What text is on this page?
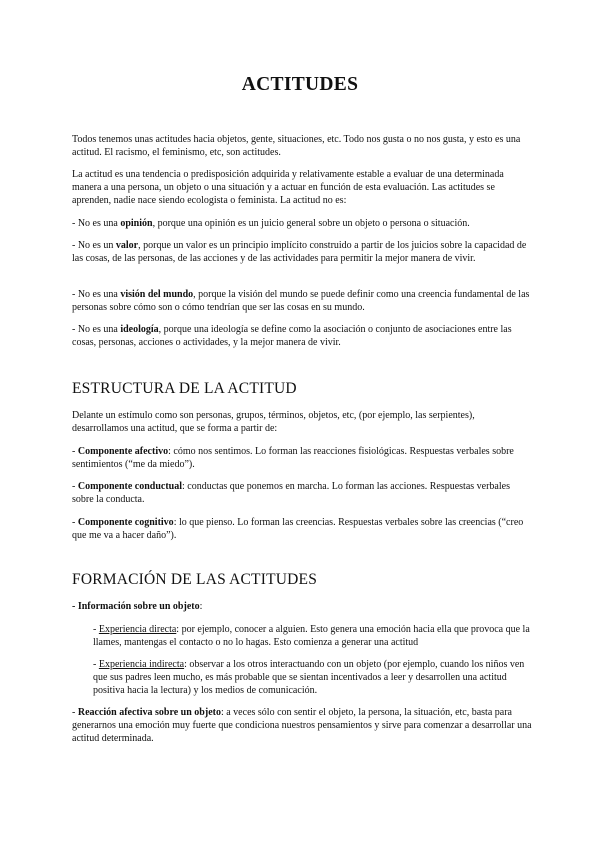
ACTITUDES

Todos tenemos unas actitudes hacia objetos, gente, situaciones, etc. Todo nos gusta o no nos gusta, y esto es una actitud. El racismo, el feminismo, etc, son actitudes.

La actitud es una tendencia o predisposición adquirida y relativamente estable a evaluar de una determinada manera a una persona, un objeto o una situación y a actuar en función de esta evaluación. Las actitudes se aprenden, nadie nace siendo ecologista o feminista. La actitud no es:

- No es una opinión, porque una opinión es un juicio general sobre un objeto o persona o situación.

- No es un valor, porque un valor es un principio implícito construido a partir de los juicios sobre la capacidad de las cosas, de las personas, de las acciones y de las actividades para permitir la mejor manera de vivir.

- No es una visión del mundo, porque la visión del mundo se puede definir como una creencia fundamental de las personas sobre cómo son o cómo tendrían que ser las cosas en su mundo.

- No es una ideología, porque una ideología se define como la asociación o conjunto de asociaciones entre las cosas, personas, acciones o actividades, y la mejor manera de vivir.

ESTRUCTURA DE LA ACTITUD

Delante un estímulo como son personas, grupos, términos, objetos, etc, (por ejemplo, las serpientes), desarrollamos una actitud, que se forma a partir de:

- Componente afectivo: cómo nos sentimos. Lo forman las reacciones fisiológicas. Respuestas verbales sobre sentimientos (“me da miedo”).

- Componente conductual: conductas que ponemos en marcha. Lo forman las acciones. Respuestas verbales sobre la conducta.

- Componente cognitivo: lo que pienso. Lo forman las creencias. Respuestas verbales sobre las creencias (“creo que me va a hacer daño”).

FORMACIÓN DE LAS ACTITUDES

- Información sobre un objeto:

- Experiencia directa: por ejemplo, conocer a alguien. Esto genera una emoción hacia ella que provoca que la llames, mantengas el contacto o no lo hagas. Esto comienza a generar una actitud

- Experiencia indirecta: observar a los otros interactuando con un objeto (por ejemplo, cuando los niños ven que sus padres leen mucho, es más probable que se sientan incentivados a leer y desarrollen una actitud positiva hacia la lectura) y los medios de comunicación.

- Reacción afectiva sobre un objeto: a veces sólo con sentir el objeto, la persona, la situación, etc, basta para generarnos una emoción muy fuerte que condiciona nuestros pensamientos y sirve para comenzar a desarrollar una actitud determinada.
